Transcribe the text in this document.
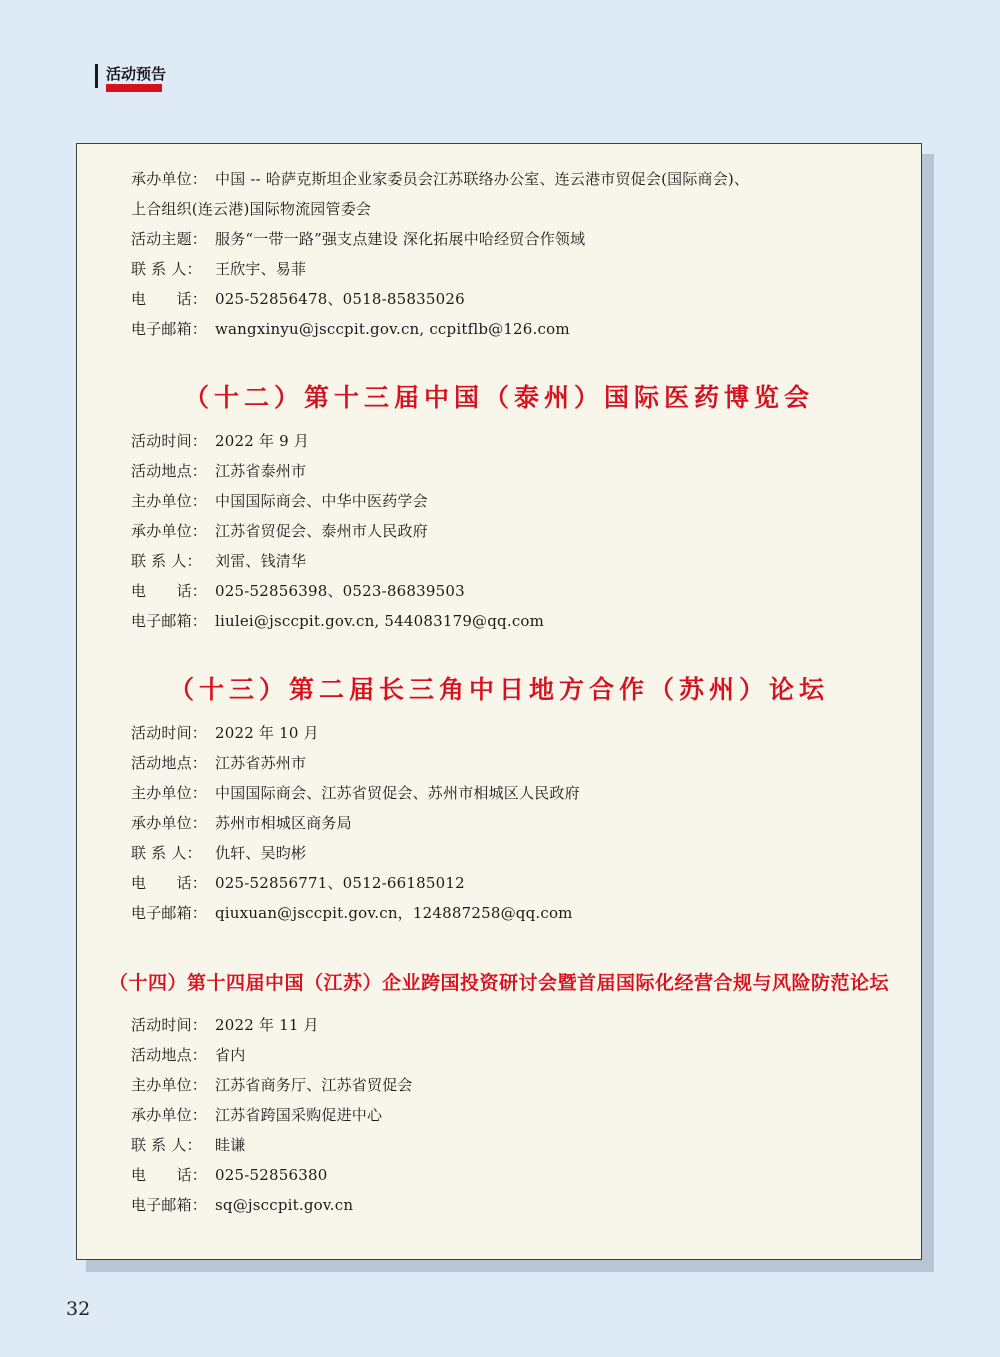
活动预告
承办单位： 中国 -- 哈萨克斯坦企业家委员会江苏联络办公室、连云港市贸促会(国际商会)、
上合组织(连云港)国际物流园管委会
活动主题： 服务“一带一路”强支点建设 深化拓展中哈经贸合作领域
联 系 人： 王欣宇、易菲
电　　话： 025-52856478、0518-85835026
电子邮箱： wangxinyu@jsccpit.gov.cn, ccpitflb@126.com
（十二）第十三届中国（泰州）国际医药博览会
活动时间： 2022 年 9 月
活动地点： 江苏省泰州市
主办单位： 中国国际商会、中华中医药学会
承办单位： 江苏省贸促会、泰州市人民政府
联 系 人： 刘雷、钱清华
电　　话： 025-52856398、0523-86839503
电子邮箱： liulei@jsccpit.gov.cn, 544083179@qq.com
（十三）第二届长三角中日地方合作（苏州）论坛
活动时间： 2022 年 10 月
活动地点： 江苏省苏州市
主办单位： 中国国际商会、江苏省贸促会、苏州市相城区人民政府
承办单位： 苏州市相城区商务局
联 系 人： 仇轩、吴昀彬
电　　话： 025-52856771、0512-66185012
电子邮箱： qiuxuan@jsccpit.gov.cn，124887258@qq.com
（十四）第十四届中国（江苏）企业跨国投资研讨会暨首届国际化经营合规与风险防范论坛
活动时间： 2022 年 11 月
活动地点： 省内
主办单位： 江苏省商务厅、江苏省贸促会
承办单位： 江苏省跨国采购促进中心
联 系 人： 眭谦
电　　话： 025-52856380
电子邮箱： sq@jsccpit.gov.cn
32
